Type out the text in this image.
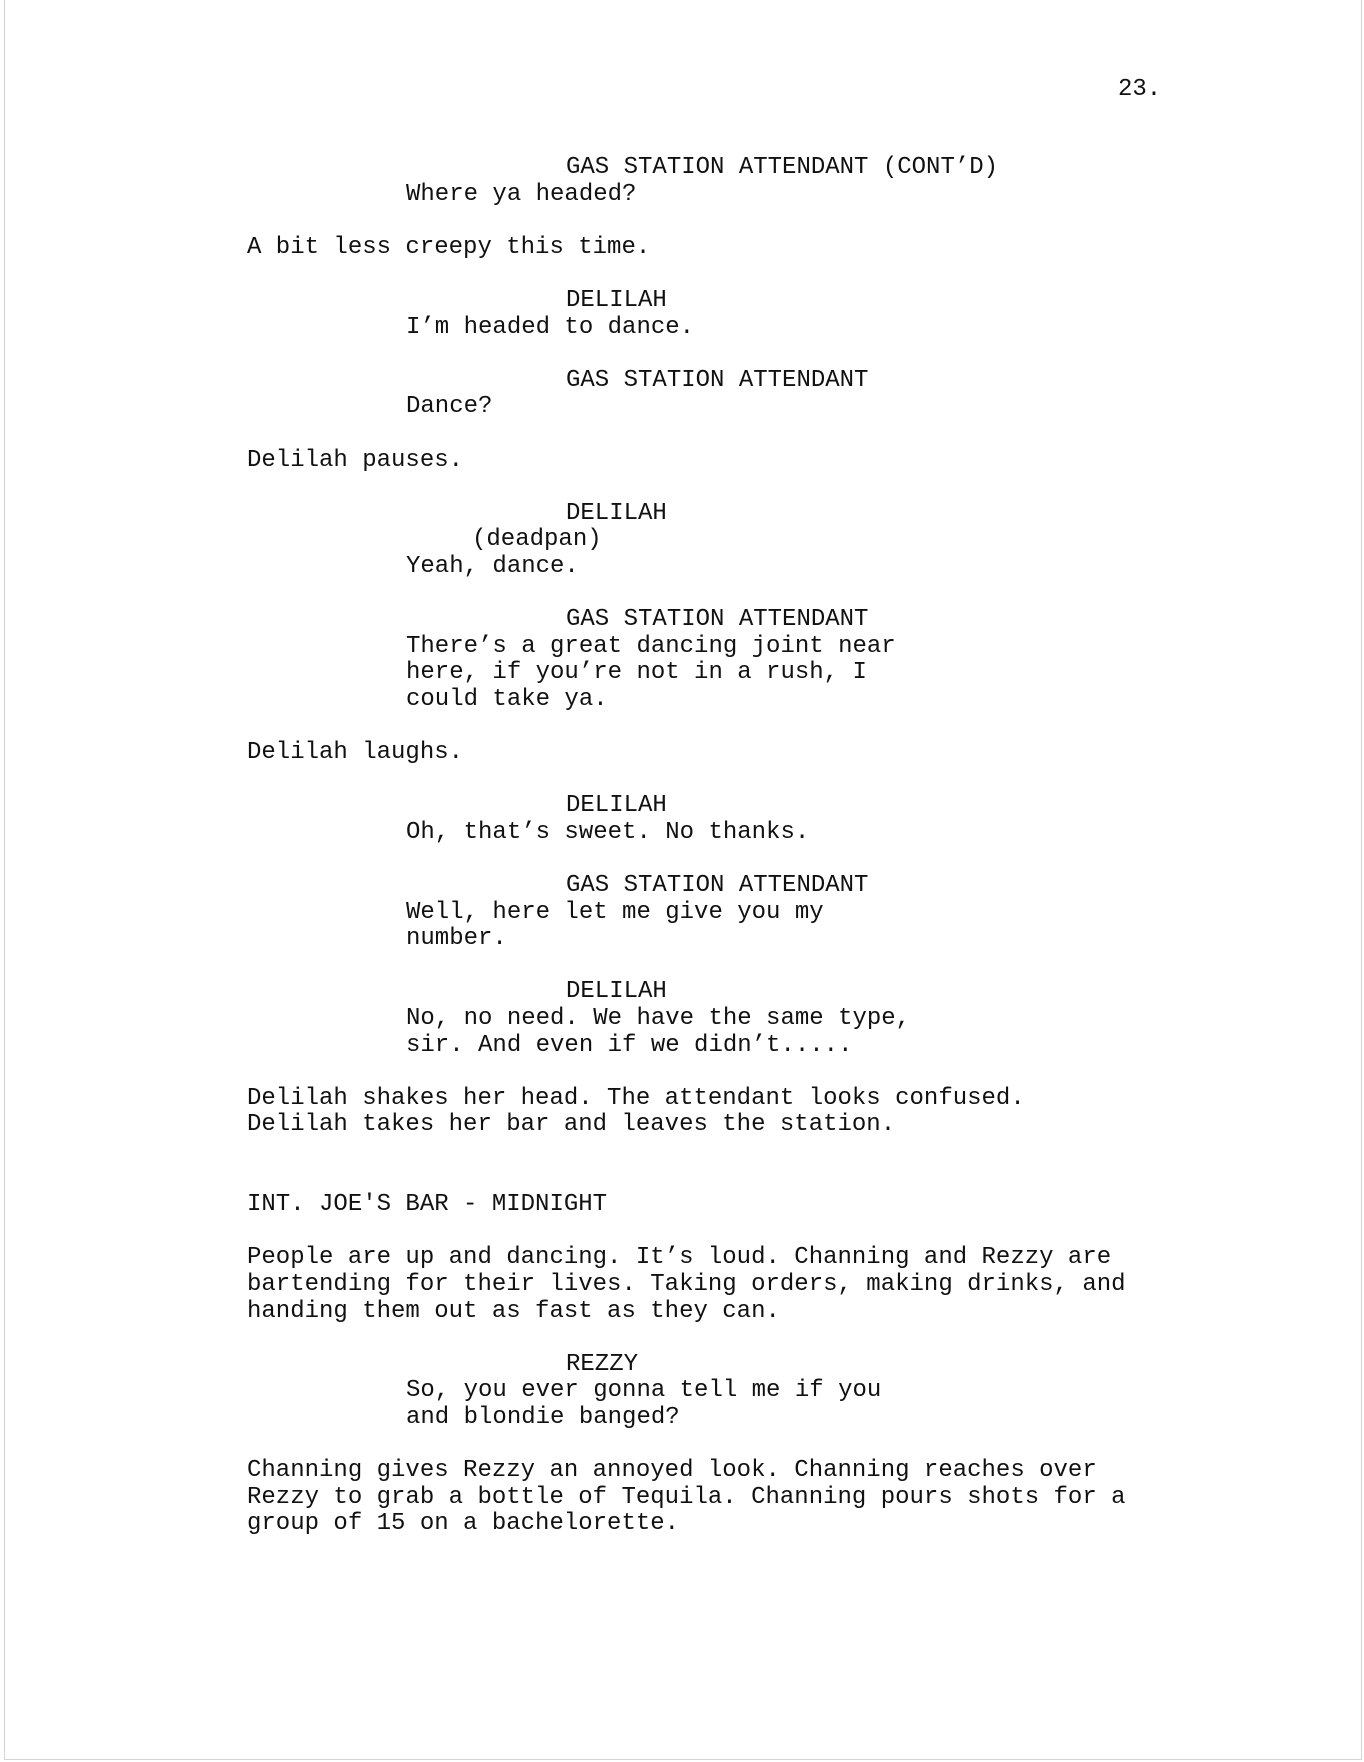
23.
GAS STATION ATTENDANT (CONT’D)
Where ya headed?
A bit less creepy this time.
DELILAH
I’m headed to dance.
GAS STATION ATTENDANT
Dance?
Delilah pauses.
DELILAH
(deadpan)
Yeah, dance.
GAS STATION ATTENDANT
There’s a great dancing joint near
here, if you’re not in a rush, I
could take ya.
Delilah laughs.
DELILAH
Oh, that’s sweet. No thanks.
GAS STATION ATTENDANT
Well, here let me give you my
number.
DELILAH
No, no need. We have the same type,
sir. And even if we didn’t.....
Delilah shakes her head. The attendant looks confused.
Delilah takes her bar and leaves the station.
INT. JOE'S BAR - MIDNIGHT
People are up and dancing. It’s loud. Channing and Rezzy are
bartending for their lives. Taking orders, making drinks, and
handing them out as fast as they can.
REZZY
So, you ever gonna tell me if you
and blondie banged?
Channing gives Rezzy an annoyed look. Channing reaches over
Rezzy to grab a bottle of Tequila. Channing pours shots for a
group of 15 on a bachelorette.
